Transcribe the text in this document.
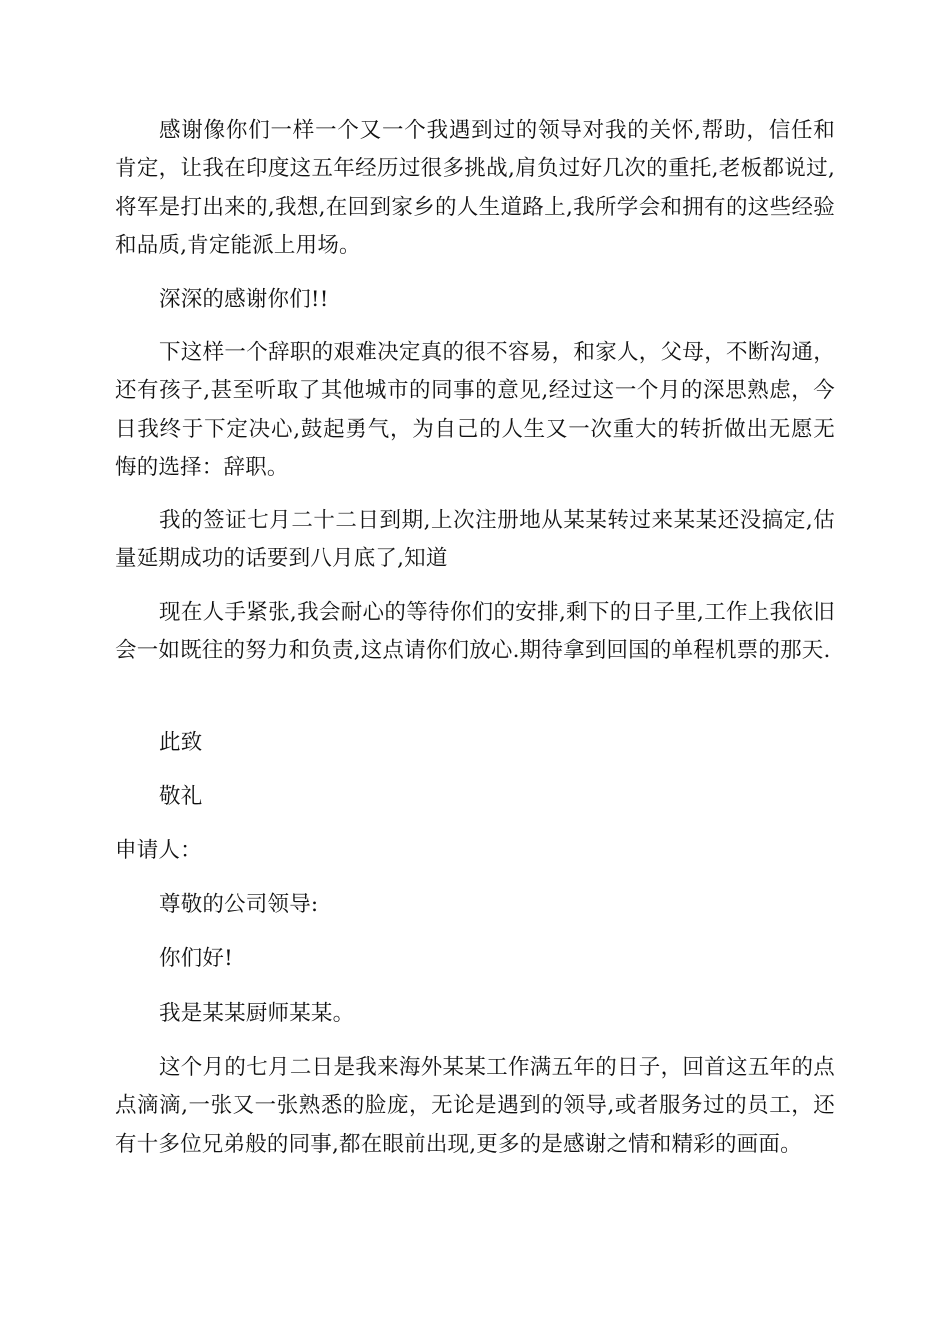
感谢像你们一样一个又一个我遇到过的领导对我的关怀,帮助，信任和肯定，让我在印度这五年经历过很多挑战,肩负过好几次的重托,老板都说过,将军是打出来的,我想,在回到家乡的人生道路上,我所学会和拥有的这些经验和品质,肯定能派上用场。

深深的感谢你们!!

下这样一个辞职的艰难决定真的很不容易，和家人，父母，不断沟通，还有孩子,甚至听取了其他城市的同事的意见,经过这一个月的深思熟虑，今日我终于下定决心,鼓起勇气，为自己的人生又一次重大的转折做出无愿无悔的选择：辞职。

我的签证七月二十二日到期,上次注册地从某某转过来某某还没搞定,估量延期成功的话要到八月底了,知道

现在人手紧张,我会耐心的等待你们的安排,剩下的日子里,工作上我依旧会一如既往的努力和负责,这点请你们放心.期待拿到回国的单程机票的那天.

此致

敬礼

申请人：

尊敬的公司领导:

你们好!

我是某某厨师某某。

这个月的七月二日是我来海外某某工作满五年的日子，回首这五年的点点滴滴,一张又一张熟悉的脸庞，无论是遇到的领导,或者服务过的员工，还有十多位兄弟般的同事,都在眼前出现,更多的是感谢之情和精彩的画面。
